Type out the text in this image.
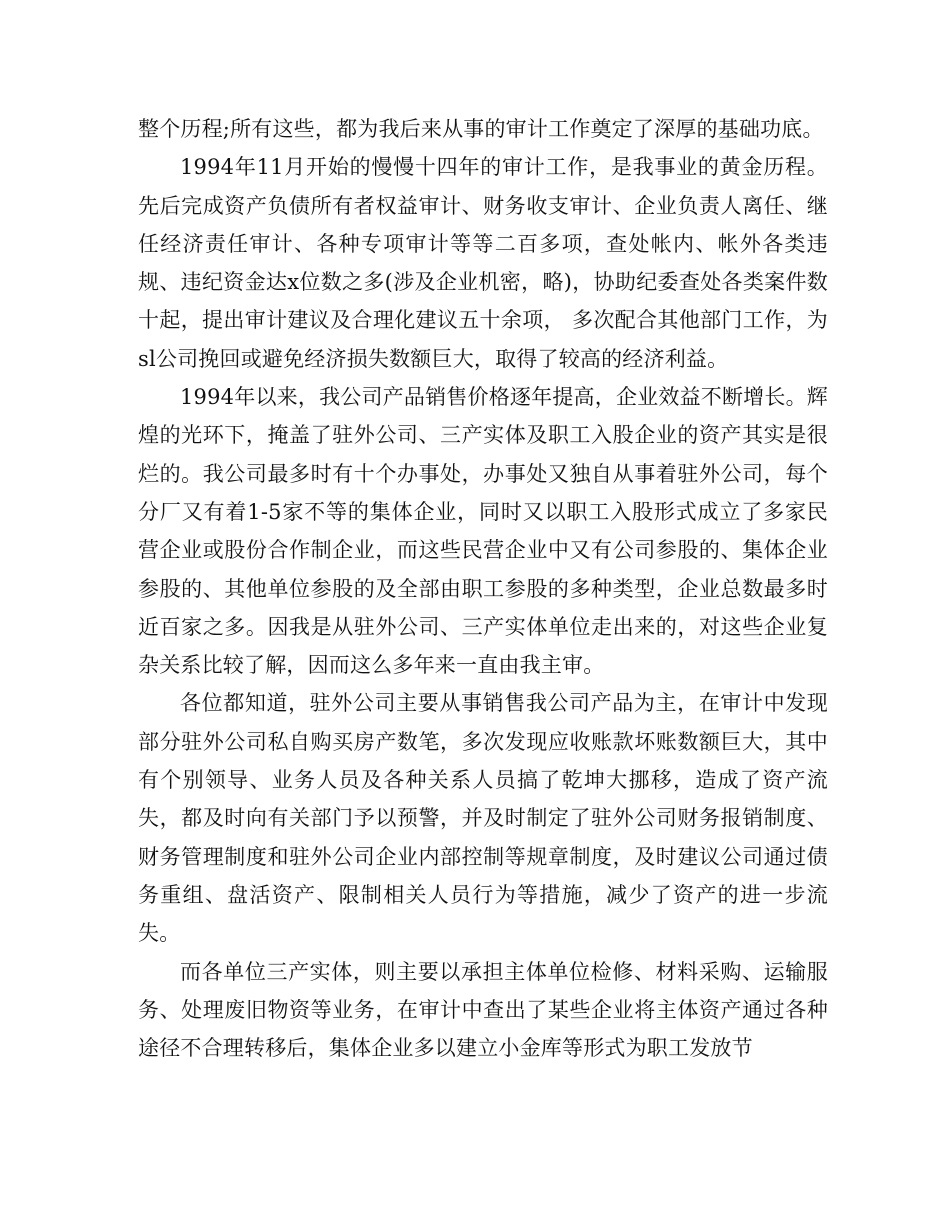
整个历程;所有这些，都为我后来从事的审计工作奠定了深厚的基础功底。

1994年11月开始的慢慢十四年的审计工作，是我事业的黄金历程。先后完成资产负债所有者权益审计、财务收支审计、企业负责人离任、继任经济责任审计、各种专项审计等等二百多项，查处帐内、帐外各类违规、违纪资金达x位数之多(涉及企业机密，略)，协助纪委查处各类案件数十起，提出审计建议及合理化建议五十余项， 多次配合其他部门工作，为sl公司挽回或避免经济损失数额巨大，取得了较高的经济利益。

1994年以来，我公司产品销售价格逐年提高，企业效益不断增长。辉煌的光环下，掩盖了驻外公司、三产实体及职工入股企业的资产其实是很烂的。我公司最多时有十个办事处，办事处又独自从事着驻外公司，每个分厂又有着1-5家不等的集体企业，同时又以职工入股形式成立了多家民营企业或股份合作制企业，而这些民营企业中又有公司参股的、集体企业参股的、其他单位参股的及全部由职工参股的多种类型，企业总数最多时近百家之多。因我是从驻外公司、三产实体单位走出来的，对这些企业复杂关系比较了解，因而这么多年来一直由我主审。

各位都知道，驻外公司主要从事销售我公司产品为主，在审计中发现部分驻外公司私自购买房产数笔，多次发现应收账款坏账数额巨大，其中有个别领导、业务人员及各种关系人员搞了乾坤大挪移，造成了资产流失，都及时向有关部门予以预警，并及时制定了驻外公司财务报销制度、财务管理制度和驻外公司企业内部控制等规章制度，及时建议公司通过债务重组、盘活资产、限制相关人员行为等措施，减少了资产的进一步流失。

而各单位三产实体，则主要以承担主体单位检修、材料采购、运输服务、处理废旧物资等业务，在审计中查出了某些企业将主体资产通过各种途径不合理转移后，集体企业多以建立小金库等形式为职工发放节
